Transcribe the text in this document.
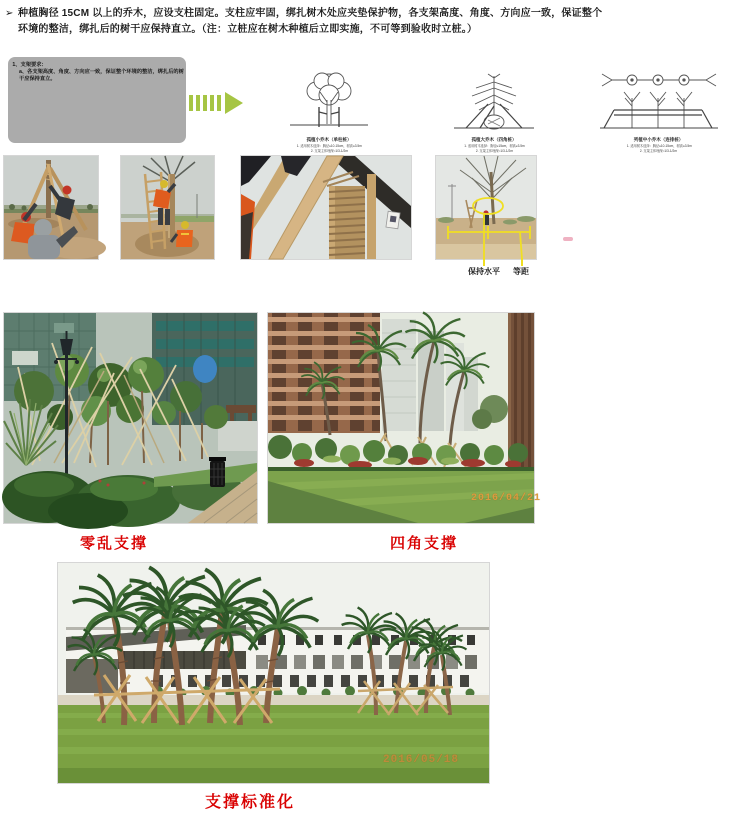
➢ 种植胸径 15CM 以上的乔木，应设支柱固定。支柱应牢固，绑扎树木处应夹垫保护物，各支架高度、角度、方向应一致，保证整个环境的整洁，绑扎后的树干应保持直立。（注：立桩应在树木种植后立即实施，不可等到验收时立桩。）
1、支架要求：
a、各支架高度、角度、方向应一致，保证整个环境的整洁，绑扎后的树干应保持直立。
孤植小乔木（单柱桩）
1. 适用树木选择：胸径≤10-15cm，树高≤3.5m
2. 支架主体埋深≈1/3-1/2m
孤植大乔木（四角桩）
1. 适用树木选择：胸径≥15cm，树高≥3.5m
2. 支架主体埋深≈1/3-1/2m
列植中小乔木（连排桩）
1. 适用树木选择：胸径≤10-15cm，树高≤3.5m
2. 支架主体埋深≈1/3-1/2m
保持水平 等距
2016/04/21
零乱支撑	四角支撑
2016/05/18
支撑标准化
